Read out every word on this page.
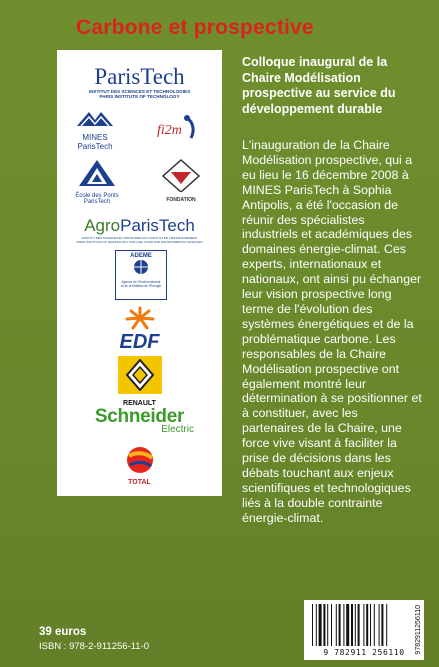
Carbone et prospective
ParisTech
INSTITUT DES SCIENCES ET TECHNOLOGIES
PARIS INSTITUTE OF TECHNOLOGY
MINES
ParisTech
fi2m
École des Ponts
ParisTech	FONDATION
AgroParisTech
INSTITUT DES SCIENCES ET INDUSTRIES DU VIVANT ET DE L'ENVIRONNEMENT
PARIS INSTITUTE OF TECHNOLOGY FOR LIFE, FOOD AND ENVIRONMENTAL SCIENCES
ADEME
Agence de l'Environnement
et de la Maîtrise de l'Énergie
EDF
RENAULT
Schneider
Electric
TOTAL
Colloque inaugural de la Chaire Modélisation prospective au service du développement durable
L'inauguration de la Chaire Modélisation prospective, qui a eu lieu le 16 décembre 2008 à MINES ParisTech à Sophia Antipolis, a été l'occasion de réunir des spécialistes industriels et académiques des domaines énergie-climat. Ces experts, internationaux et nationaux, ont ainsi pu échanger leur vision prospective long terme de l'évolution des systèmes énergétiques et de la problématique carbone. Les responsables de la Chaire Modélisation prospective ont également montré leur détermination à se positionner et à constituer, avec les partenaires de la Chaire, une force vive visant à faciliter la prise de décisions dans les débats touchant aux enjeux scientifiques et technologiques liés à la double contrainte énergie-climat.
39 euros
ISBN : 978-2-911256-11-0
9 782911 256110	9782911256110
